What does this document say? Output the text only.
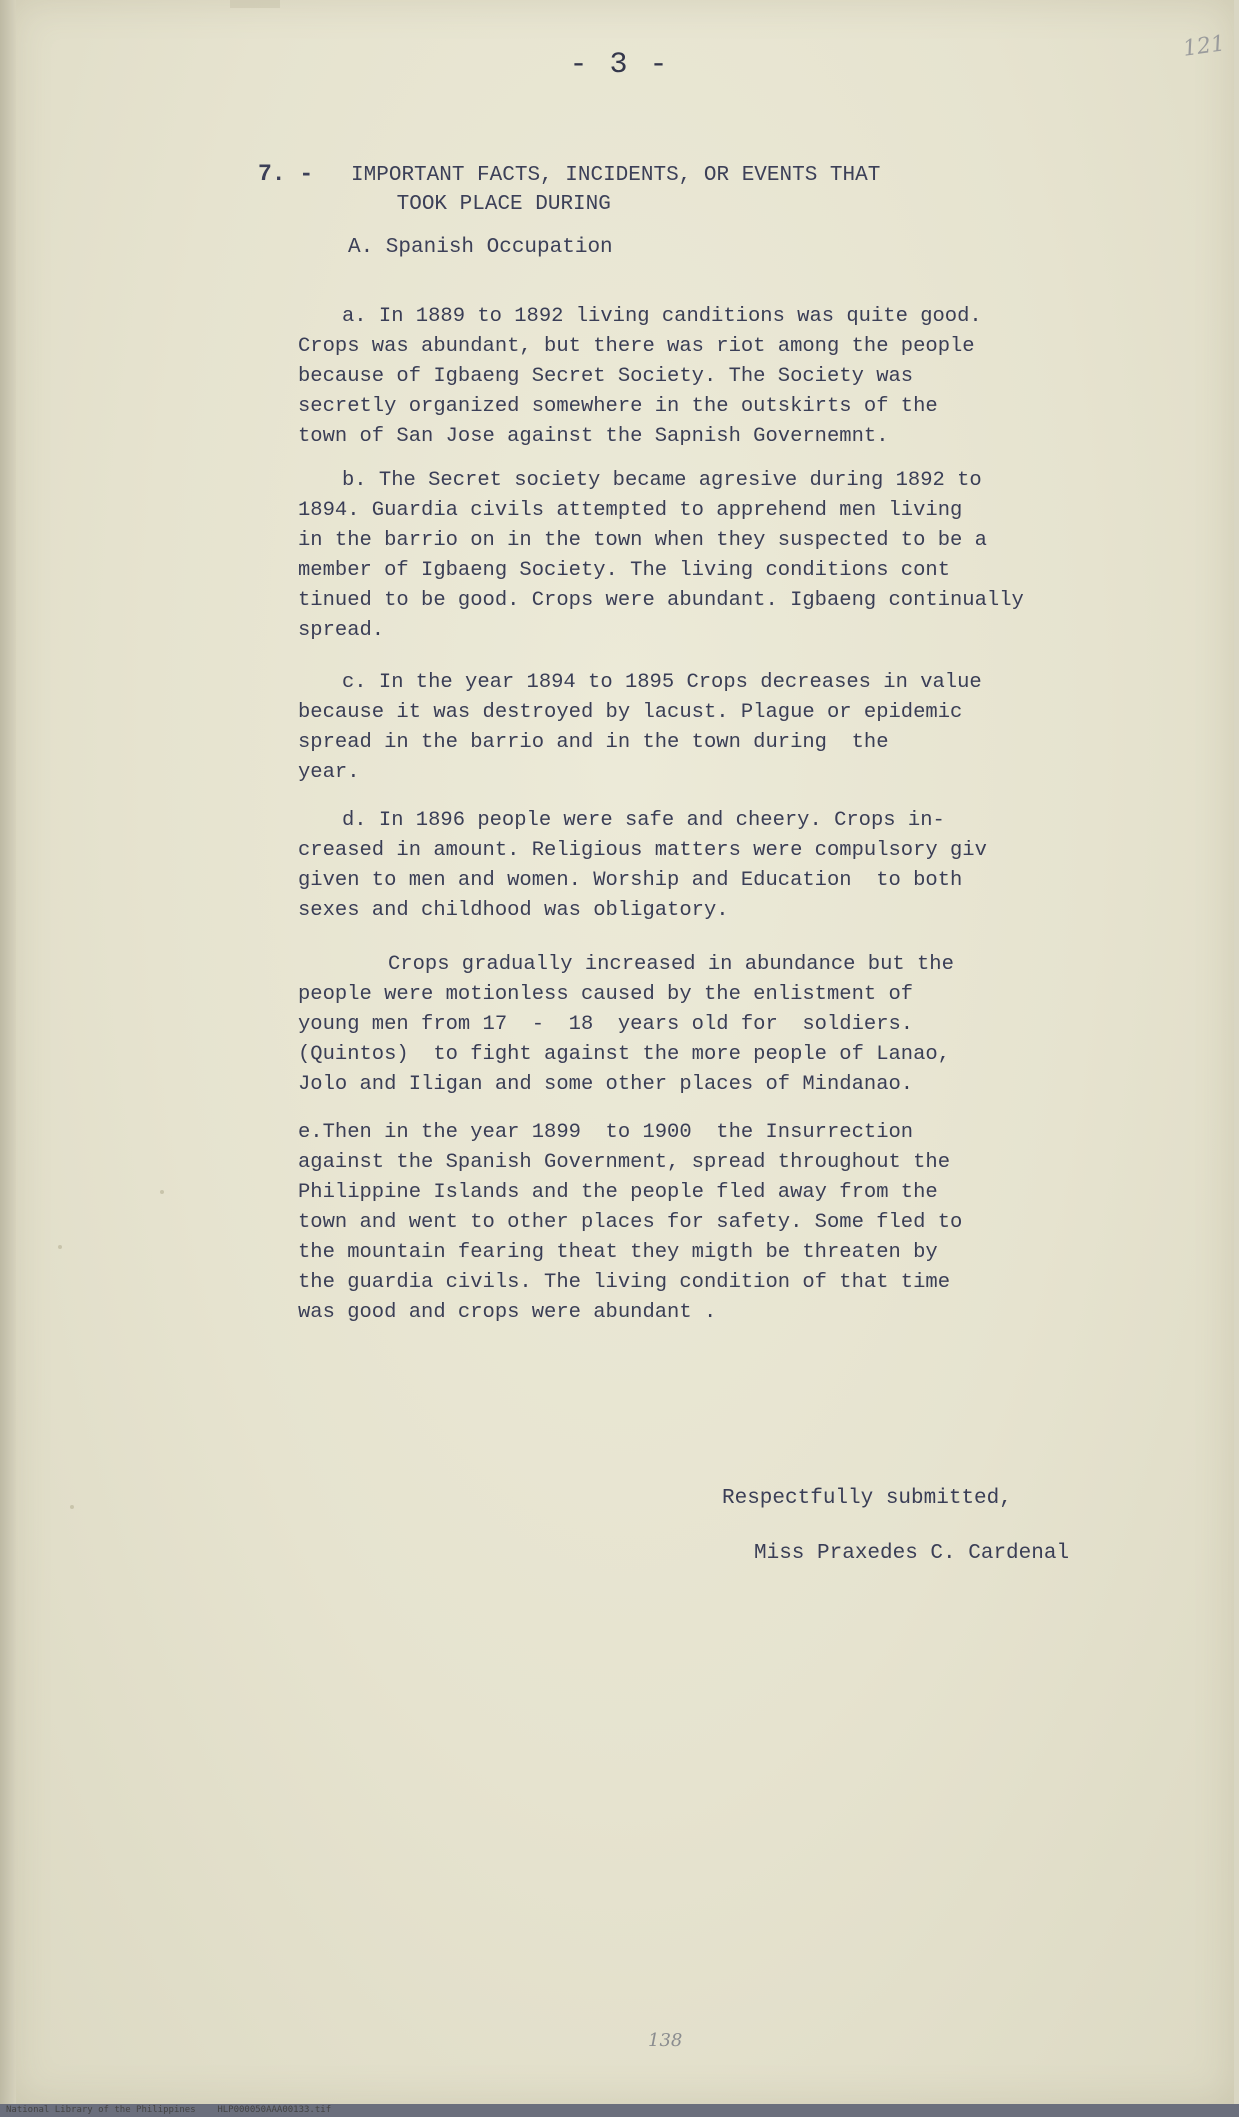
- 3 -
121
7. - IMPORTANT FACTS, INCIDENTS, OR EVENTS THAT
TOOK PLACE DURING
A. Spanish Occupation
a. In 1889 to 1892 living canditions was quite good.
Crops was abundant, but there was riot among the people
because of Igbaeng Secret Society. The Society was
secretly organized somewhere in the outskirts of the
town of San Jose against the Sapnish Governemnt.
b. The Secret society became agresive during 1892 to
1894. Guardia civils attempted to apprehend men living
in the barrio on in the town when they suspected to be a
member of Igbaeng Society. The living conditions cont
tinued to be good. Crops were abundant. Igbaeng continually
spread.
c. In the year 1894 to 1895 Crops decreases in value
because it was destroyed by lacust. Plague or epidemic
spread in the barrio and in the town during  the
year.
d. In 1896 people were safe and cheery. Crops in-
creased in amount. Religious matters were compulsory giv
given to men and women. Worship and Education  to both
sexes and childhood was obligatory.
Crops gradually increased in abundance but the
people were motionless caused by the enlistment of
young men from 17  -  18  years old for  soldiers.
(Quintos)  to fight against the more people of Lanao,
Jolo and Iligan and some other places of Mindanao.
e.Then in the year 1899  to 1900  the Insurrection
against the Spanish Government, spread throughout the
Philippine Islands and the people fled away from the
town and went to other places for safety. Some fled to
the mountain fearing theat they migth be threaten by
the guardia civils. The living condition of that time
was good and crops were abundant .
Respectfully submitted,
Miss Praxedes C. Cardenal
138
National Library of the Philippines    HLP000050AAA00133.tif
